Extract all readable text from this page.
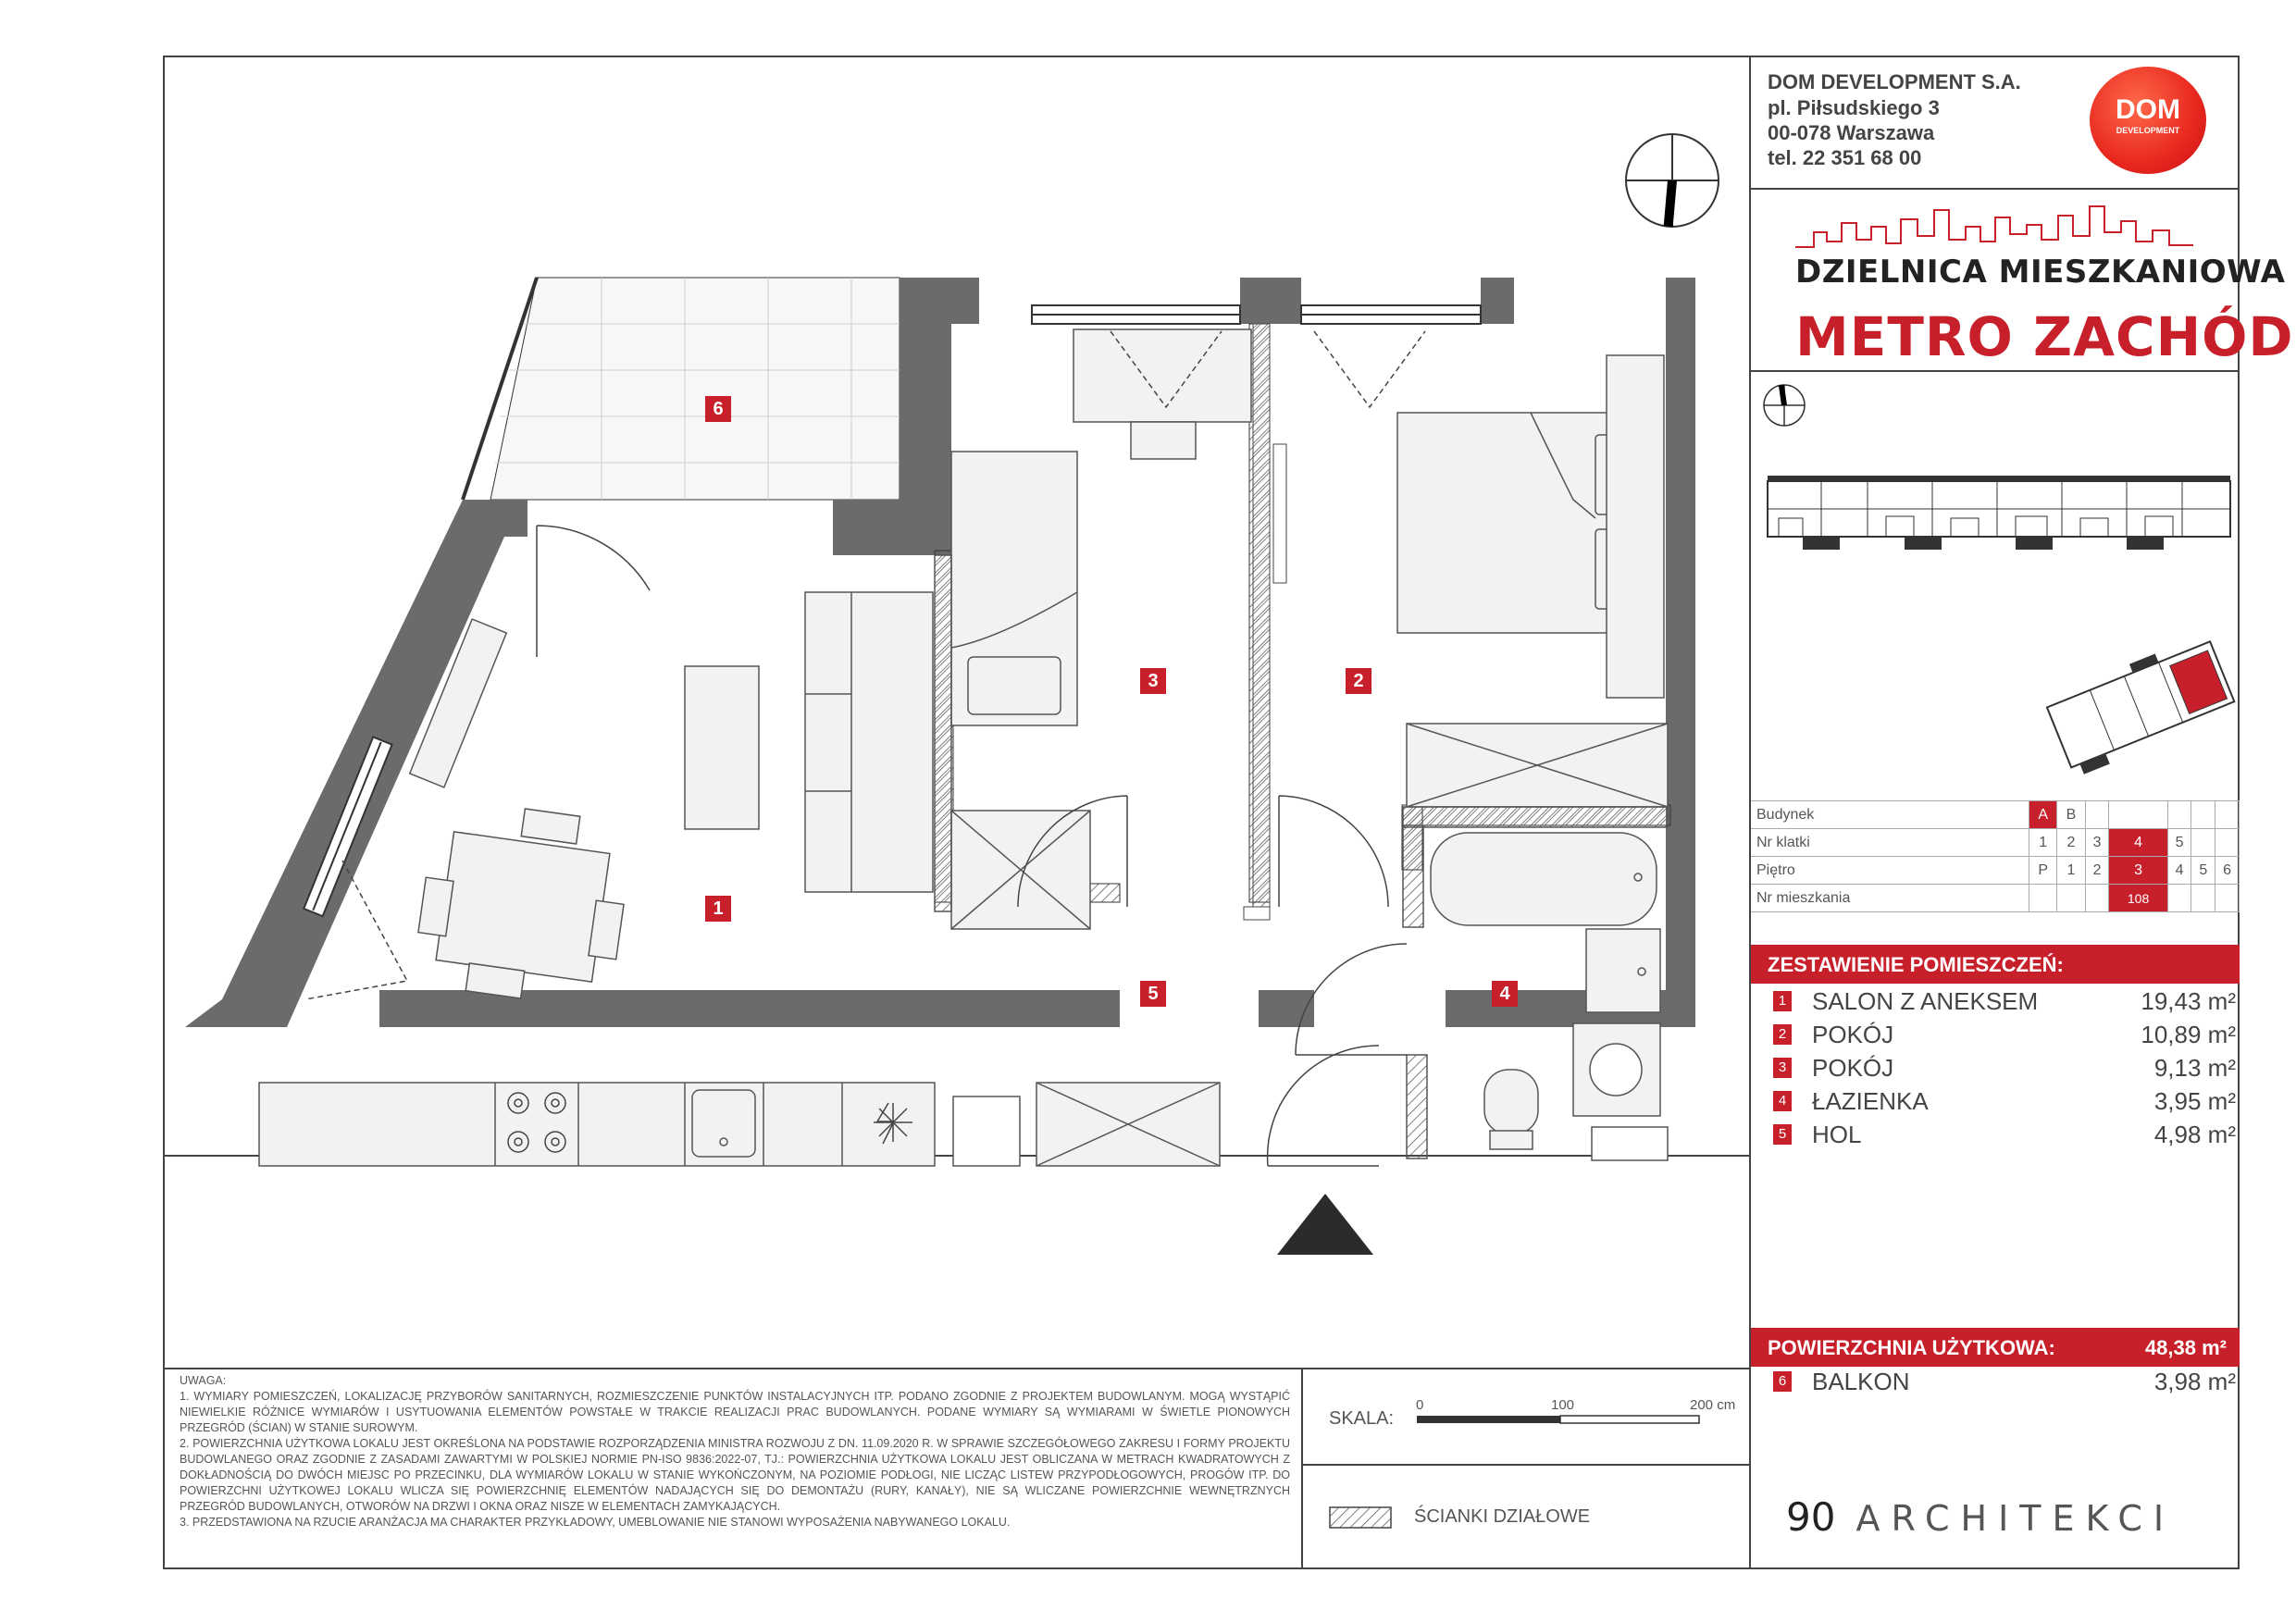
DOM DEVELOPMENT S.A.
pl. Piłsudskiego 3
00-078 Warszawa
tel. 22 351 68 00
DOM
DEVELOPMENT
DZIELNICA MIESZKANIOWA
METRO ZACHÓD
Budynek	A	B					
Nr klatki	1	2	3	4	5		
Piętro	P	1	2	3	4	5	6
Nr mieszkania				108			
ZESTAWIENIE POMIESZCZEŃ:
1 SALON Z ANEKSEM	19,43 m²
2 POKÓJ	10,89 m²
3 POKÓJ	9,13 m²
4 ŁAZIENKA	3,95 m²
5 HOL	4,98 m²
POWIERZCHNIA UŻYTKOWA:	48,38 m²
6 BALKON	3,98 m²
6
1
3	2
5	4
UWAGA:
1. WYMIARY POMIESZCZEŃ, LOKALIZACJĘ PRZYBORÓW SANITARNYCH, ROZMIESZCZENIE PUNKTÓW INSTALACYJNYCH ITP. PODANO ZGODNIE Z PROJEKTEM BUDOWLANYM. MOGĄ WYSTĄPIĆ NIEWIELKIE RÓŻNICE WYMIARÓW I USYTUOWANIA ELEMENTÓW POWSTAŁE W TRAKCIE REALIZACJI PRAC BUDOWLANYCH. PODANE WYMIARY SĄ WYMIARAMI W ŚWIETLE PIONOWYCH PRZEGRÓD (ŚCIAN) W STANIE SUROWYM.
2. POWIERZCHNIA UŻYTKOWA LOKALU JEST OKREŚLONA NA PODSTAWIE ROZPORZĄDZENIA MINISTRA ROZWOJU Z DN. 11.09.2020 R. W SPRAWIE SZCZEGÓŁOWEGO ZAKRESU I FORMY PROJEKTU BUDOWLANEGO ORAZ ZGODNIE Z ZASADAMI ZAWARTYMI W POLSKIEJ NORMIE PN-ISO 9836:2022-07, TJ.: POWIERZCHNIA UŻYTKOWA LOKALU JEST OBLICZANA W METRACH KWADRATOWYCH Z DOKŁADNOŚCIĄ DO DWÓCH MIEJSC PO PRZECINKU, DLA WYMIARÓW LOKALU W STANIE WYKOŃCZONYM, NA POZIOMIE PODŁOGI, NIE LICZĄC LISTEW PRZYPODŁOGOWYCH, PROGÓW ITP. DO POWIERZCHNI UŻYTKOWEJ LOKALU WLICZA SIĘ POWIERZCHNIĘ ELEMENTÓW NADAJĄCYCH SIĘ DO DEMONTAŻU (RURY, KANAŁY), NIE SĄ WLICZANE POWIERZCHNIE WEWNĘTRZNYCH PRZEGRÓD BUDOWLANYCH, OTWORÓW NA DRZWI I OKNA ORAZ NISZE W ELEMENTACH ZAMYKAJĄCYCH.
3. PRZEDSTAWIONA NA RZUCIE ARANŻACJA MA CHARAKTER PRZYKŁADOWY, UMEBLOWANIE NIE STANOWI WYPOSAŻENIA NABYWANEGO LOKALU.
SKALA:
0	100	200 cm
ŚCIANKI DZIAŁOWE	90 ARCHITEKCI
